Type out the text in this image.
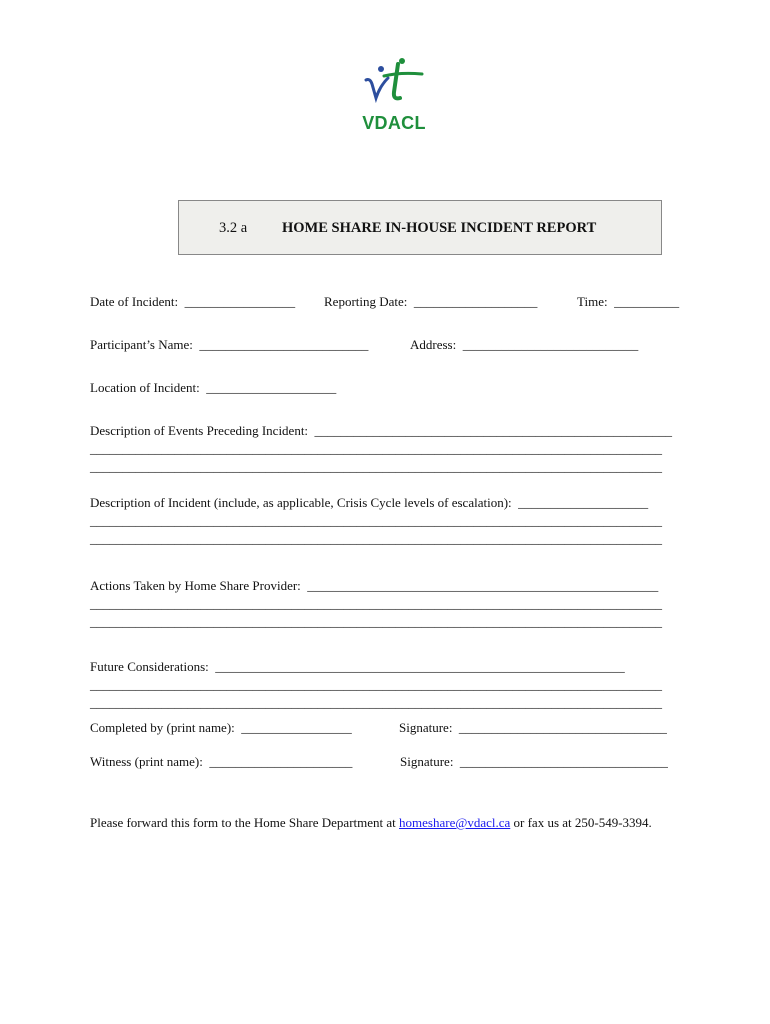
VDACL
3.2 a HOME SHARE IN-HOUSE INCIDENT REPORT
Date of Incident:  _________________ Reporting Date:  ___________________	Time:  __________
Participant’s Name:  __________________________	Address:  ___________________________
Location of Incident:  ____________________
Description of Events Preceding Incident:  _______________________________________________________
________________________________________________________________________________________
________________________________________________________________________________________
Description of Incident (include, as applicable, Crisis Cycle levels of escalation):  ____________________
________________________________________________________________________________________
________________________________________________________________________________________
Actions Taken by Home Share Provider:  ______________________________________________________
________________________________________________________________________________________
________________________________________________________________________________________
Future Considerations:  _______________________________________________________________
________________________________________________________________________________________
________________________________________________________________________________________
Completed by (print name):  _________________	Signature:  ________________________________
Witness (print name):  ______________________	Signature:  ________________________________
Please forward this form to the Home Share Department at homeshare@vdacl.ca or fax us at 250-549-3394.
